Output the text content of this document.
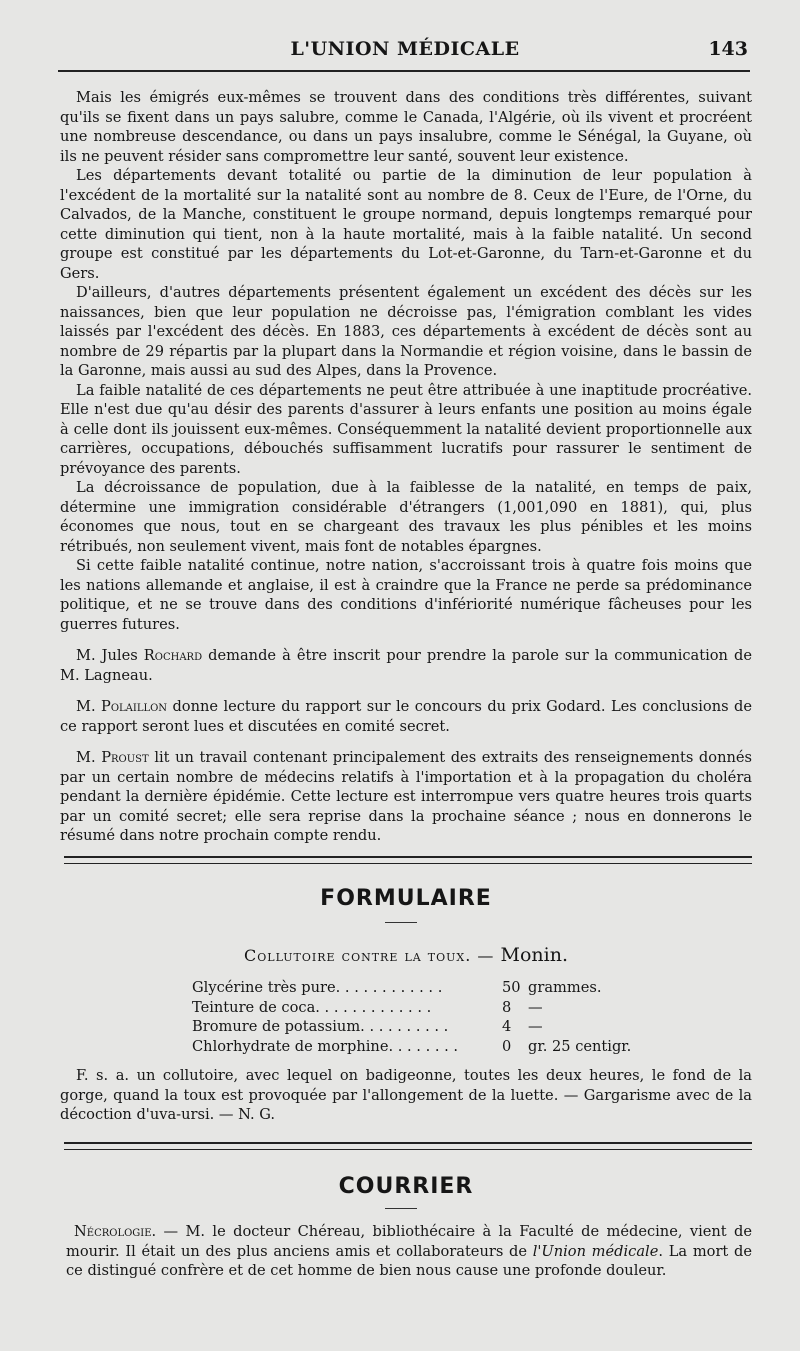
L'UNION MÉDICALE	143

Mais les émigrés eux-mêmes se trouvent dans des conditions très différentes, suivant qu'ils se fixent dans un pays salubre, comme le Canada, l'Algérie, où ils vivent et procréent une nombreuse descendance, ou dans un pays insalubre, comme le Sénégal, la Guyane, où ils ne peuvent résider sans compromettre leur santé, souvent leur existence.

Les départements devant totalité ou partie de la diminution de leur population à l'excédent de la mortalité sur la natalité sont au nombre de 8. Ceux de l'Eure, de l'Orne, du Calvados, de la Manche, constituent le groupe normand, depuis longtemps remarqué pour cette diminution qui tient, non à la haute mortalité, mais à la faible natalité. Un second groupe est constitué par les départements du Lot-et-Garonne, du Tarn-et-Garonne et du Gers.

D'ailleurs, d'autres départements présentent également un excédent des décès sur les naissances, bien que leur population ne décroisse pas, l'émigration comblant les vides laissés par l'excédent des décès. En 1883, ces départements à excédent de décès sont au nombre de 29 répartis par la plupart dans la Normandie et région voisine, dans le bassin de la Garonne, mais aussi au sud des Alpes, dans la Provence.

La faible natalité de ces départements ne peut être attribuée à une inaptitude procréative. Elle n'est due qu'au désir des parents d'assurer à leurs enfants une position au moins égale à celle dont ils jouissent eux-mêmes. Conséquemment la natalité devient proportionnelle aux carrières, occupations, débouchés suffisamment lucratifs pour rassurer le sentiment de prévoyance des parents.

La décroissance de population, due à la faiblesse de la natalité, en temps de paix, détermine une immigration considérable d'étrangers (1,001,090 en 1881), qui, plus économes que nous, tout en se chargeant des travaux les plus pénibles et les moins rétribués, non seulement vivent, mais font de notables épargnes.

Si cette faible natalité continue, notre nation, s'accroissant trois à quatre fois moins que les nations allemande et anglaise, il est à craindre que la France ne perde sa prédominance politique, et ne se trouve dans des conditions d'infériorité numérique fâcheuses pour les guerres futures.

M. Jules Rochard demande à être inscrit pour prendre la parole sur la communication de M. Lagneau.

M. Polaillon donne lecture du rapport sur le concours du prix Godard. Les conclusions de ce rapport seront lues et discutées en comité secret.

M. Proust lit un travail contenant principalement des extraits des renseignements donnés par un certain nombre de médecins relatifs à l'importation et à la propagation du choléra pendant la dernière épidémie. Cette lecture est interrompue vers quatre heures trois quarts par un comité secret; elle sera reprise dans la prochaine séance ; nous en donnerons le résumé dans notre prochain compte rendu.

FORMULAIRE
Collutoire contre la toux. — Monin.
Glycérine très pure. . . . . . . . . . . .	50 grammes.
Teinture de coca. . . . . . . . . . . . .	8	—
Bromure de potassium. . . . . . . . . .	4	—
Chlorhydrate de morphine. . . . . . . .	0	gr. 25 centigr.

F. s. a. un collutoire, avec lequel on badigeonne, toutes les deux heures, le fond de la gorge, quand la toux est provoquée par l'allongement de la luette. — Gargarisme avec de la décoction d'uva-ursi. — N. G.

COURRIER

Nécrologie. — M. le docteur Chéreau, bibliothécaire à la Faculté de médecine, vient de mourir. Il était un des plus anciens amis et collaborateurs de l'Union médicale. La mort de ce distingué confrère et de cet homme de bien nous cause une profonde douleur.
